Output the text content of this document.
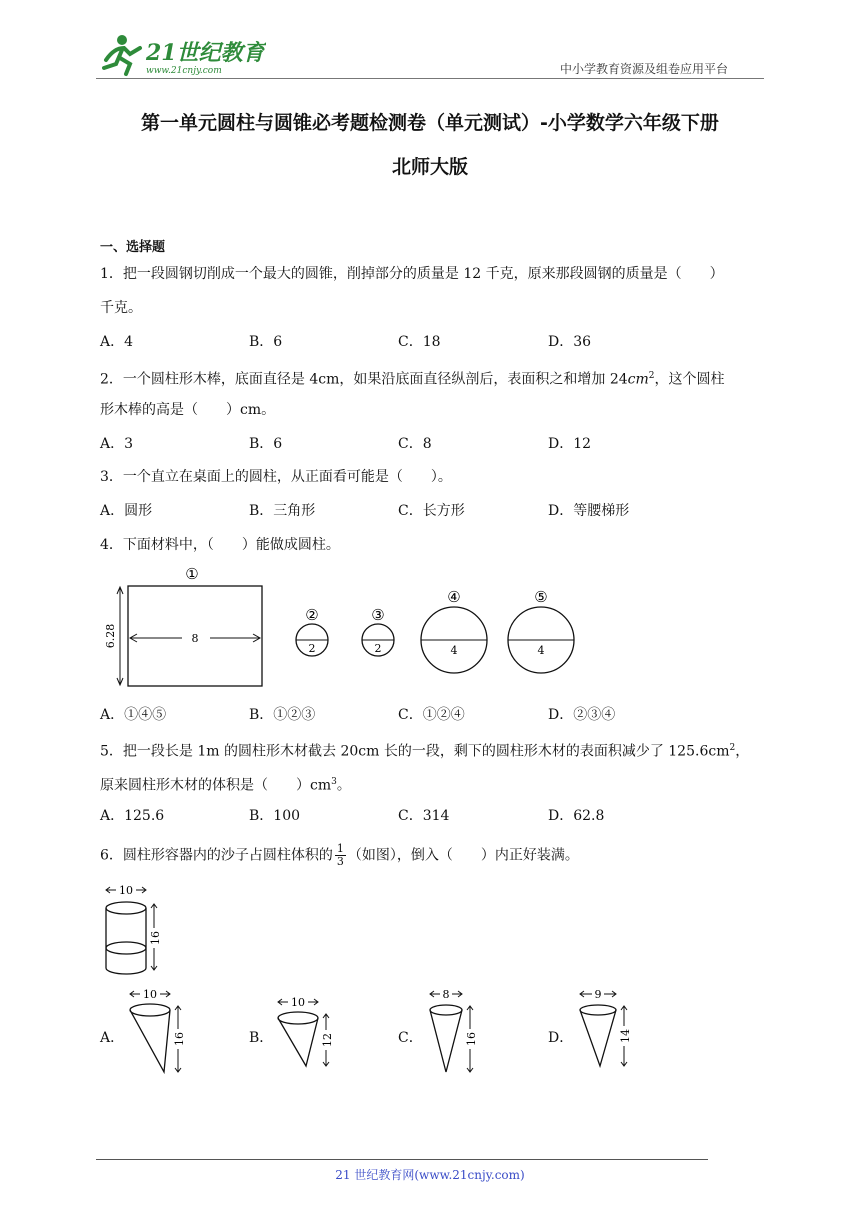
21世纪教育
www.21cnjy.com	中小学教育资源及组卷应用平台
第一单元圆柱与圆锥必考题检测卷（单元测试）-小学数学六年级下册
北师大版
一、选择题
1．把一段圆钢切削成一个最大的圆锥，削掉部分的质量是 12 千克，原来那段圆钢的质量是（　　）
千克。
A．4	B．6	C．18	D．36
2．一个圆柱形木棒，底面直径是 4cm，如果沿底面直径纵剖后，表面积之和增加 $24cm^2$，这个圆柱
形木棒的高是（　　）cm。
A．3	B．6	C．8	D．12
3．一个直立在桌面上的圆柱，从正面看可能是（　　）。
A．圆形	B．三角形	C．长方形	D．等腰梯形
4．下面材料中，（　　）能做成圆柱。
①
6.28	8
②
2
③
2
④
4
⑤
4
A．①④⑤	B．①②③	C．①②④	D．②③④
5．把一段长是 1m 的圆柱形木材截去 20cm 长的一段，剩下的圆柱形木材的表面积减少了 $125.6cm^2$，
原来圆柱形木材的体积是（　　）$cm^3$。
A．125.6	B．100	C．314	D．62.8
6．圆柱形容器内的沙子占圆柱体积的 $\frac{1}{3}$ （如图），倒入（　　）内正好装满。
10
16
A．
10
16	B．
10
12	C．
8
16	D．
9
14
21 世纪教育网(www.21cnjy.com)
